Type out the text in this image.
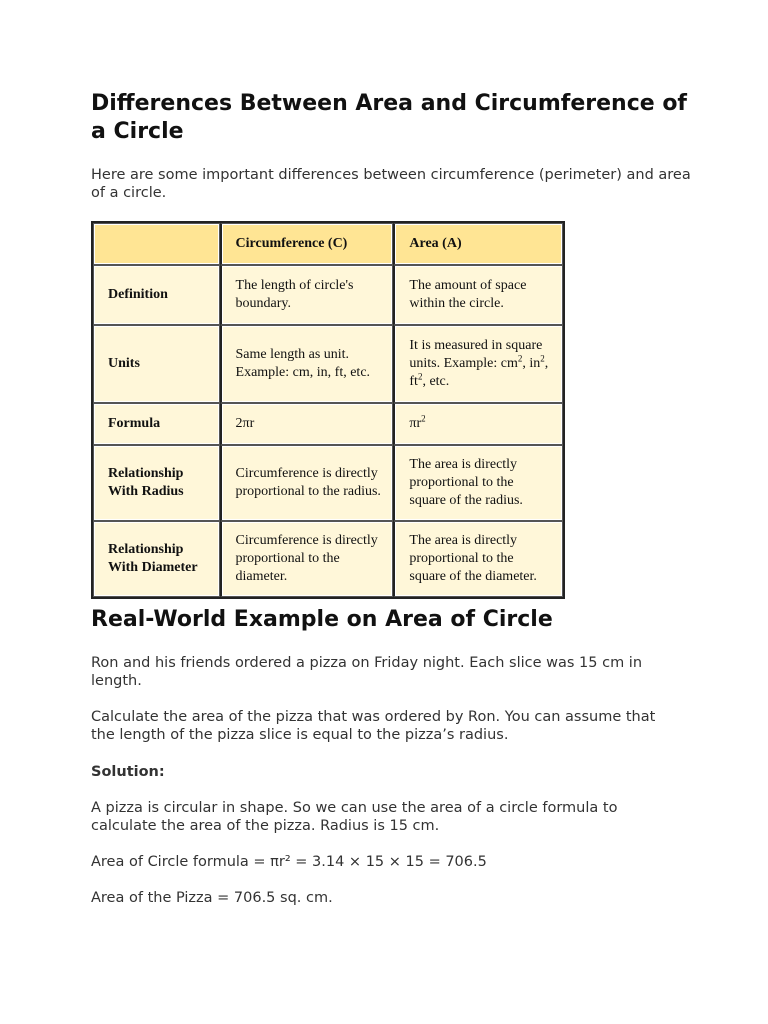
Differences Between Area and Circumference of a Circle

Here are some important differences between circumference (perimeter) and area of a circle.

	Circumference (C)	Area (A)
Definition	The length of circle's boundary.	The amount of space within the circle.
Units	Same length as unit. Example: cm, in, ft, etc.	It is measured in square units. Example: $cm^2$, $in^2$, $ft^2$, etc.
Formula	2πr	$\pi r^2$
Relationship With Radius	Circumference is directly proportional to the radius.	The area is directly proportional to the square of the radius.
Relationship With Diameter	Circumference is directly proportional to the diameter.	The area is directly proportional to the square of the diameter.
Real-World Example on Area of Circle

Ron and his friends ordered a pizza on Friday night. Each slice was 15 cm in length.

Calculate the area of the pizza that was ordered by Ron. You can assume that the length of the pizza slice is equal to the pizza’s radius.

Solution:

A pizza is circular in shape. So we can use the area of a circle formula to calculate the area of the pizza. Radius is 15 cm.

Area of Circle formula = πr² = 3.14 × 15 × 15 = 706.5

Area of the Pizza = 706.5 sq. cm.
